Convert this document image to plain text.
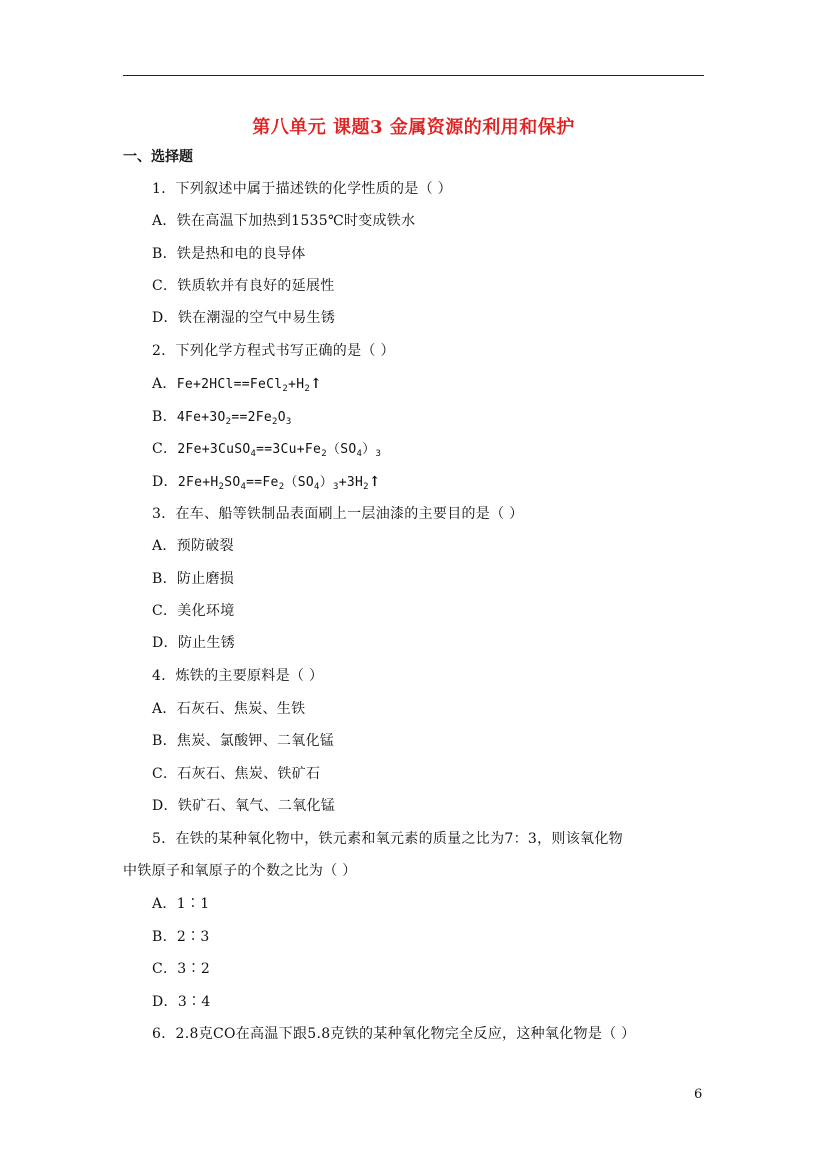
第八单元 课题3 金属资源的利用和保护
一、选择题
1．下列叙述中属于描述铁的化学性质的是（ ）
A．铁在高温下加热到1535℃时变成铁水
B．铁是热和电的良导体
C．铁质软并有良好的延展性
D．铁在潮湿的空气中易生锈
2．下列化学方程式书写正确的是（ ）
A．$Fe+2HCl==FeCl_2+H_2↑$
B．$4Fe+3O_2==2Fe_2O_3$
C．$2Fe+3CuSO_4==3Cu+Fe_2(SO_4)_3$
D．$2Fe+H_2SO_4==Fe_2(SO_4)_3+3H_2↑$
3．在车、船等铁制品表面刷上一层油漆的主要目的是（ ）
A．预防破裂
B．防止磨损
C．美化环境
D．防止生锈
4．炼铁的主要原料是（ ）
A．石灰石、焦炭、生铁
B．焦炭、氯酸钾、二氧化锰
C．石灰石、焦炭、铁矿石
D．铁矿石、氧气、二氧化锰
5．在铁的某种氧化物中，铁元素和氧元素的质量之比为7：3，则该氧化物
中铁原子和氧原子的个数之比为（ ）
A．1∶1
B．2∶3
C．3∶2
D．3∶4
6．2.8克CO在高温下跟5.8克铁的某种氧化物完全反应，这种氧化物是（ ）
6
